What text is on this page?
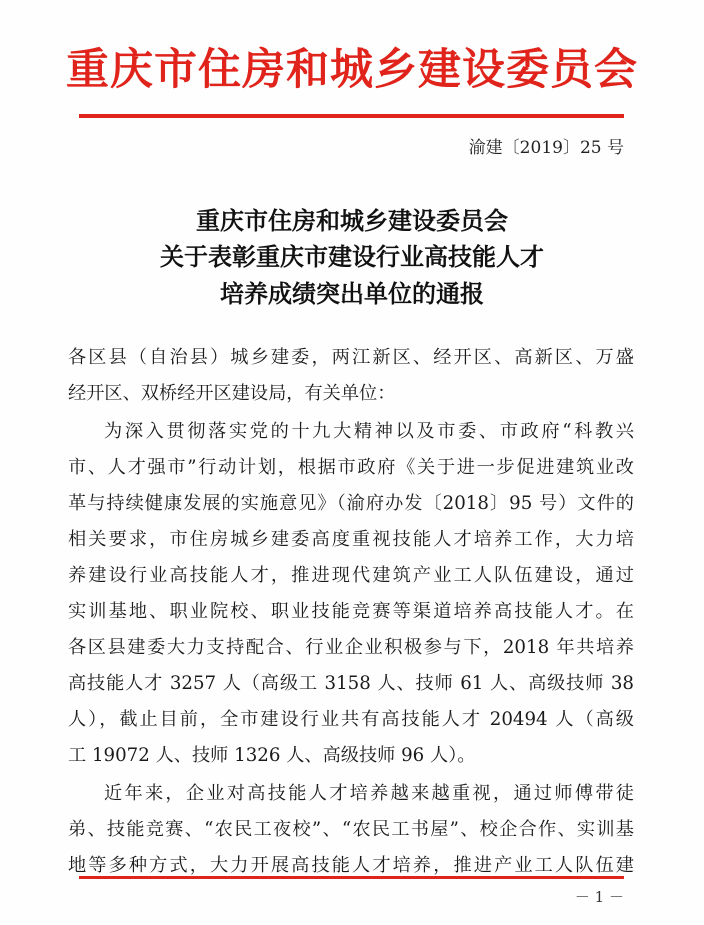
重庆市住房和城乡建设委员会
渝建〔2019〕25 号
重庆市住房和城乡建设委员会
关于表彰重庆市建设行业高技能人才
培养成绩突出单位的通报
各区县（自治县）城乡建委，两江新区、经开区、高新区、万盛
经开区、双桥经开区建设局，有关单位：
为深入贯彻落实党的十九大精神以及市委、市政府“科教兴
市、人才强市”行动计划，根据市政府《关于进一步促进建筑业改
革与持续健康发展的实施意见》（渝府办发〔2018〕95 号）文件的
相关要求，市住房城乡建委高度重视技能人才培养工作，大力培
养建设行业高技能人才，推进现代建筑产业工人队伍建设，通过
实训基地、职业院校、职业技能竞赛等渠道培养高技能人才。在
各区县建委大力支持配合、行业企业积极参与下，2018 年共培养
高技能人才 3257 人（高级工 3158 人、技师 61 人、高级技师 38
人），截止目前，全市建设行业共有高技能人才 20494 人（高级
工 19072 人、技师 1326 人、高级技师 96 人）。
近年来，企业对高技能人才培养越来越重视，通过师傅带徒
弟、技能竞赛、“农民工夜校”、“农民工书屋”、校企合作、实训基
地等多种方式，大力开展高技能人才培养，推进产业工人队伍建
－ 1 －
